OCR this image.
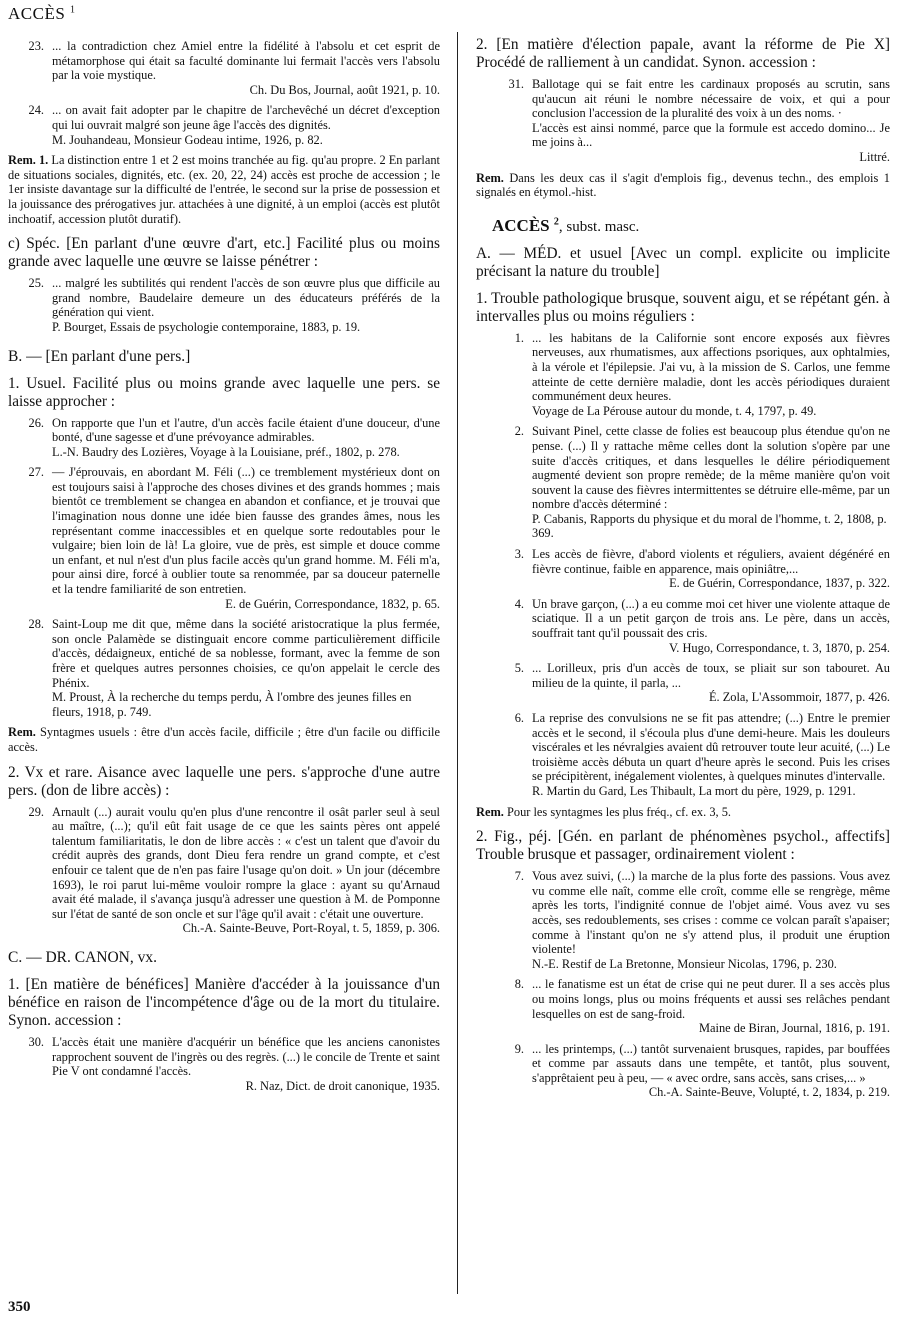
ACCÈS $^1$
350
23. ... la contradiction chez Amiel entre la fidélité à l'absolu et cet esprit de métamorphose qui était sa faculté dominante lui fermait l'accès vers l'absolu par la voie mystique.
Ch. Du Bos, Journal, août 1921, p. 10.
24. ... on avait fait adopter par le chapitre de l'archevêché un décret d'exception qui lui ouvrait malgré son jeune âge l'accès des dignités.
M. Jouhandeau, Monsieur Godeau intime, 1926, p. 82.
Rem. 1. La distinction entre 1 et 2 est moins tranchée au fig. qu'au propre. 2 En parlant de situations sociales, dignités, etc. (ex. 20, 22, 24) accès est proche de accession ; le 1er insiste davantage sur la difficulté de l'entrée, le second sur la prise de possession et la jouissance des prérogatives jur. attachées à une dignité, à un emploi (accès est plutôt inchoatif, accession plutôt duratif).
c) Spéc. [En parlant d'une œuvre d'art, etc.] Facilité plus ou moins grande avec laquelle une œuvre se laisse pénétrer :
25. ... malgré les subtilités qui rendent l'accès de son œuvre plus que difficile au grand nombre, Baudelaire demeure un des éducateurs préférés de la génération qui vient.
P. Bourget, Essais de psychologie contemporaine, 1883, p. 19.
B. — [En parlant d'une pers.]
1. Usuel. Facilité plus ou moins grande avec laquelle une pers. se laisse approcher :
26. On rapporte que l'un et l'autre, d'un accès facile étaient d'une douceur, d'une bonté, d'une sagesse et d'une prévoyance admirables.
L.-N. Baudry des Lozières, Voyage à la Louisiane, préf., 1802, p. 278.
27. — J'éprouvais, en abordant M. Féli (...) ce tremblement mystérieux dont on est toujours saisi à l'approche des choses divines et des grands hommes ; mais bientôt ce tremblement se changea en abandon et confiance, et je trouvai que l'imagination nous donne une idée bien fausse des grandes âmes, nous les représentant comme inaccessibles et en quelque sorte redoutables pour le vulgaire; bien loin de là! La gloire, vue de près, est simple et douce comme un enfant, et nul n'est d'un plus facile accès qu'un grand homme. M. Féli m'a, pour ainsi dire, forcé à oublier toute sa renommée, par sa douceur paternelle et la tendre familiarité de son entretien.
E. de Guérin, Correspondance, 1832, p. 65.
28. Saint-Loup me dit que, même dans la société aristocratique la plus fermée, son oncle Palamède se distinguait encore comme particulièrement difficile d'accès, dédaigneux, entiché de sa noblesse, formant, avec la femme de son frère et quelques autres personnes choisies, ce qu'on appelait le cercle des Phénix.
M. Proust, À la recherche du temps perdu, À l'ombre des jeunes filles en fleurs, 1918, p. 749.
Rem. Syntagmes usuels : être d'un accès facile, difficile ; être d'un facile ou difficile accès.
2. Vx et rare. Aisance avec laquelle une pers. s'approche d'une autre pers. (don de libre accès) :
29. Arnault (...) aurait voulu qu'en plus d'une rencontre il osât parler seul à seul au maître, (...); qu'il eût fait usage de ce que les saints pères ont appelé talentum familiaritatis, le don de libre accès : « c'est un talent que d'avoir du crédit auprès des grands, dont Dieu fera rendre un grand compte, et c'est enfouir ce talent que de n'en pas faire l'usage qu'on doit. » Un jour (décembre 1693), le roi parut lui-même vouloir rompre la glace : ayant su qu'Arnaud avait été malade, il s'avança jusqu'à adresser une question à M. de Pomponne sur l'état de santé de son oncle et sur l'âge qu'il avait : c'était une ouverture.
Ch.-A. Sainte-Beuve, Port-Royal, t. 5, 1859, p. 306.
C. — DR. CANON, vx.
1. [En matière de bénéfices] Manière d'accéder à la jouissance d'un bénéfice en raison de l'incompétence d'âge ou de la mort du titulaire. Synon. accession :
30. L'accès était une manière d'acquérir un bénéfice que les anciens canonistes rapprochent souvent de l'ingrès ou des regrès. (...) le concile de Trente et saint Pie V ont condamné l'accès.
R. Naz, Dict. de droit canonique, 1935.
2. [En matière d'élection papale, avant la réforme de Pie X] Procédé de ralliement à un candidat. Synon. accession :
31. Ballotage qui se fait entre les cardinaux proposés au scrutin, sans qu'aucun ait réuni le nombre nécessaire de voix, et qui a pour conclusion l'accession de la pluralité des voix à un des noms. ·
L'accès est ainsi nommé, parce que la formule est accedo domino... Je me joins à...
Littré.
Rem. Dans les deux cas il s'agit d'emplois fig., devenus techn., des emplois 1 signalés en étymol.-hist.
ACCÈS $^2$, subst. masc.
A. — MÉD. et usuel [Avec un compl. explicite ou implicite précisant la nature du trouble]
1. Trouble pathologique brusque, souvent aigu, et se répétant gén. à intervalles plus ou moins réguliers :
1. ... les habitans de la Californie sont encore exposés aux fièvres nerveuses, aux rhumatismes, aux affections psoriques, aux ophtalmies, à la vérole et l'épilepsie. J'ai vu, à la mission de S. Carlos, une femme atteinte de cette dernière maladie, dont les accès périodiques duraient communément deux heures.
Voyage de La Pérouse autour du monde, t. 4, 1797, p. 49.
2. Suivant Pinel, cette classe de folies est beaucoup plus étendue qu'on ne pense. (...) Il y rattache même celles dont la solution s'opère par une suite d'accès critiques, et dans lesquelles le délire périodiquement augmenté devient son propre remède; de la même manière qu'on voit souvent la cause des fièvres intermittentes se détruire elle-même, par un nombre d'accès déterminé :
P. Cabanis, Rapports du physique et du moral de l'homme, t. 2, 1808, p. 369.
3. Les accès de fièvre, d'abord violents et réguliers, avaient dégénéré en fièvre continue, faible en apparence, mais opiniâtre,...
E. de Guérin, Correspondance, 1837, p. 322.
4. Un brave garçon, (...) a eu comme moi cet hiver une violente attaque de sciatique. Il a un petit garçon de trois ans. Le père, dans un accès, souffrait tant qu'il poussait des cris.
V. Hugo, Correspondance, t. 3, 1870, p. 254.
5. ... Lorilleux, pris d'un accès de toux, se pliait sur son tabouret. Au milieu de la quinte, il parla, ...
É. Zola, L'Assommoir, 1877, p. 426.
6. La reprise des convulsions ne se fit pas attendre; (...) Entre le premier accès et le second, il s'écoula plus d'une demi-heure. Mais les douleurs viscérales et les névralgies avaient dû retrouver toute leur acuité, (...) Le troisième accès débuta un quart d'heure après le second. Puis les crises se précipitèrent, inégalement violentes, à quelques minutes d'intervalle.
R. Martin du Gard, Les Thibault, La mort du père, 1929, p. 1291.
Rem. Pour les syntagmes les plus fréq., cf. ex. 3, 5.
2. Fig., péj. [Gén. en parlant de phénomènes psychol., affectifs] Trouble brusque et passager, ordinairement violent :
7. Vous avez suivi, (...) la marche de la plus forte des passions. Vous avez vu comme elle naît, comme elle croît, comme elle se rengrège, même après les torts, l'indignité connue de l'objet aimé. Vous avez vu ses accès, ses redoublements, ses crises : comme ce volcan paraît s'apaiser; comme à l'instant qu'on ne s'y attend plus, il produit une éruption violente!
N.-E. Restif de La Bretonne, Monsieur Nicolas, 1796, p. 230.
8. ... le fanatisme est un état de crise qui ne peut durer. Il a ses accès plus ou moins longs, plus ou moins fréquents et aussi ses relâches pendant lesquelles on est de sang-froid.
Maine de Biran, Journal, 1816, p. 191.
9. ... les printemps, (...) tantôt survenaient brusques, rapides, par bouffées et comme par assauts dans une tempête, et tantôt, plus souvent, s'apprêtaient peu à peu, — « avec ordre, sans accès, sans crises,... »
Ch.-A. Sainte-Beuve, Volupté, t. 2, 1834, p. 219.
